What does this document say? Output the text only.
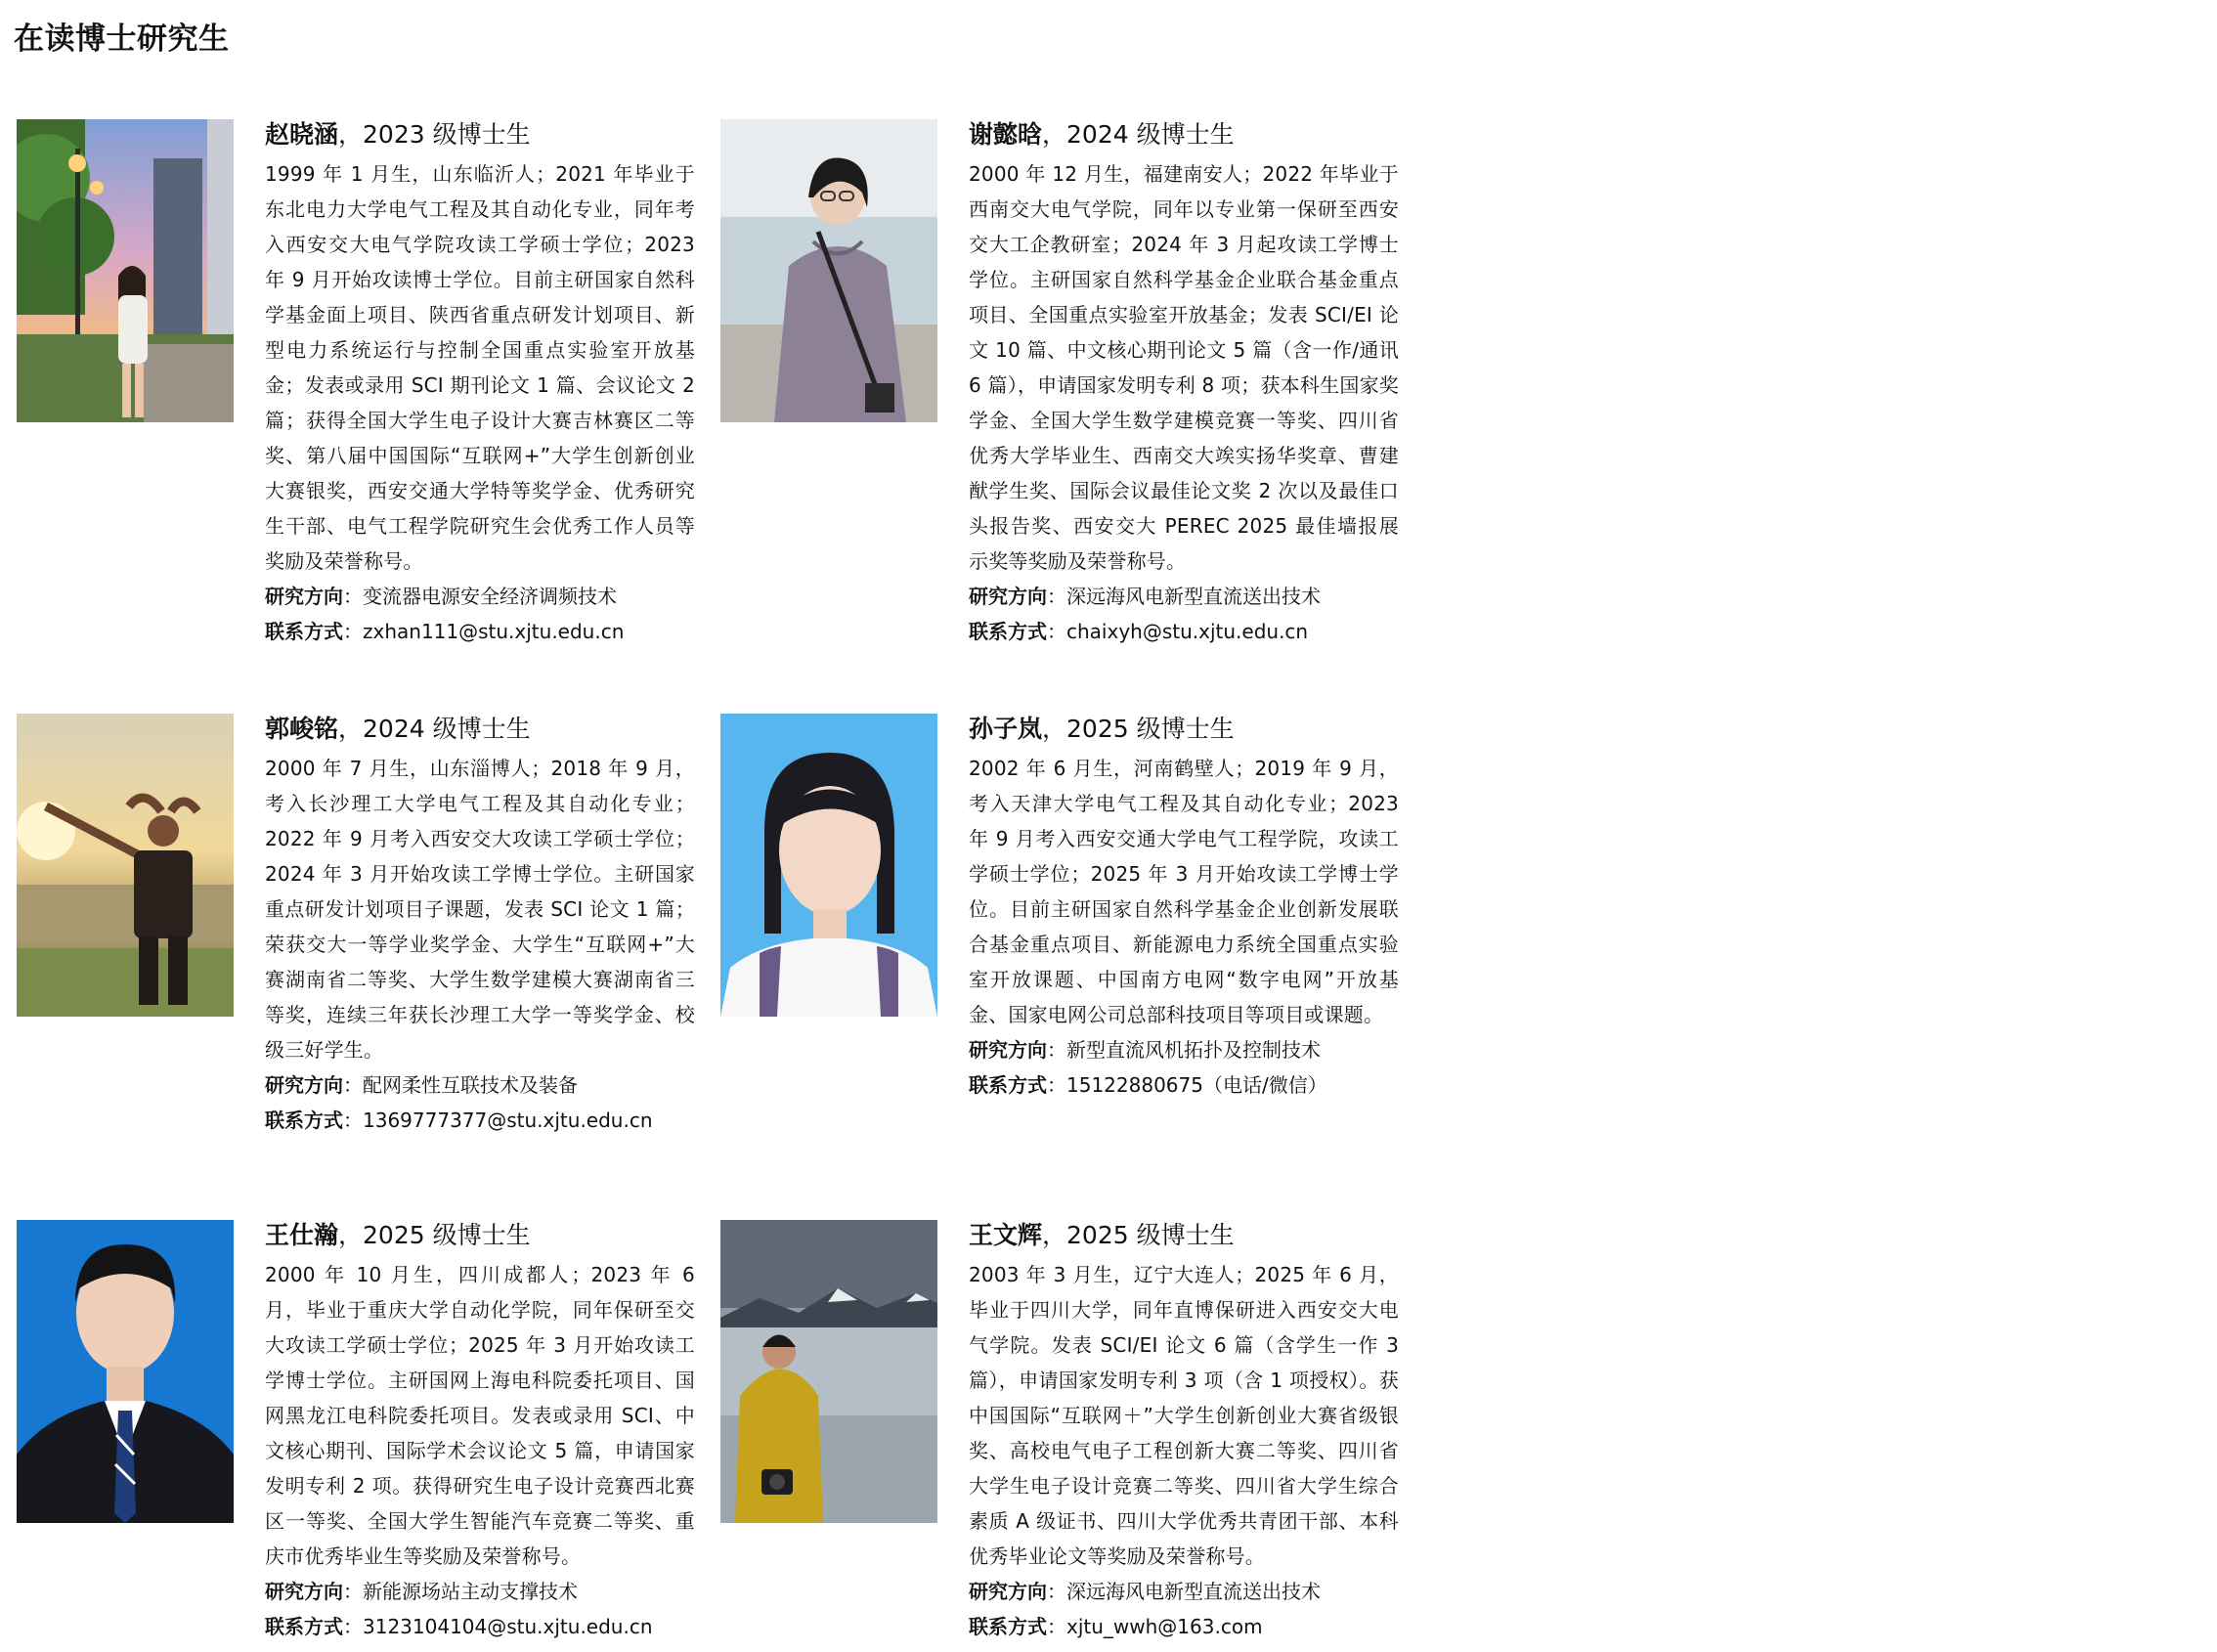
在读博士研究生
赵晓涵，2023 级博士生
1999 年 1 月生，山东临沂人；2021 年毕业于东北电力大学电气工程及其自动化专业，同年考入西安交大电气学院攻读工学硕士学位；2023 年 9 月开始攻读博士学位。目前主研国家自然科学基金面上项目、陕西省重点研发计划项目、新型电力系统运行与控制全国重点实验室开放基金；发表或录用 SCI 期刊论文 1 篇、会议论文 2 篇；获得全国大学生电子设计大赛吉林赛区二等奖、第八届中国国际“互联网+”大学生创新创业大赛银奖，西安交通大学特等奖学金、优秀研究生干部、电气工程学院研究生会优秀工作人员等奖励及荣誉称号。
研究方向：变流器电源安全经济调频技术
联系方式：zxhan111@stu.xjtu.edu.cn
谢懿晗，2024 级博士生
2000 年 12 月生，福建南安人；2022 年毕业于西南交大电气学院，同年以专业第一保研至西安交大工企教研室；2024 年 3 月起攻读工学博士学位。主研国家自然科学基金企业联合基金重点项目、全国重点实验室开放基金；发表 SCI/EI 论文 10 篇、中文核心期刊论文 5 篇（含一作/通讯 6 篇），申请国家发明专利 8 项；获本科生国家奖学金、全国大学生数学建模竞赛一等奖、四川省优秀大学毕业生、西南交大竢实扬华奖章、曹建猷学生奖、国际会议最佳论文奖 2 次以及最佳口头报告奖、西安交大 PEREC 2025 最佳墙报展示奖等奖励及荣誉称号。
研究方向：深远海风电新型直流送出技术
联系方式：chaixyh@stu.xjtu.edu.cn
郭峻铭，2024 级博士生
2000 年 7 月生，山东淄博人；2018 年 9 月，考入长沙理工大学电气工程及其自动化专业；2022 年 9 月考入西安交大攻读工学硕士学位；2024 年 3 月开始攻读工学博士学位。主研国家重点研发计划项目子课题，发表 SCI 论文 1 篇；荣获交大一等学业奖学金、大学生“互联网+”大赛湖南省二等奖、大学生数学建模大赛湖南省三等奖，连续三年获长沙理工大学一等奖学金、校级三好学生。
研究方向：配网柔性互联技术及装备
联系方式：1369777377@stu.xjtu.edu.cn
孙子岚，2025 级博士生
2002 年 6 月生，河南鹤壁人；2019 年 9 月，考入天津大学电气工程及其自动化专业；2023 年 9 月考入西安交通大学电气工程学院，攻读工学硕士学位；2025 年 3 月开始攻读工学博士学位。目前主研国家自然科学基金企业创新发展联合基金重点项目、新能源电力系统全国重点实验室开放课题、中国南方电网“数字电网”开放基金、国家电网公司总部科技项目等项目或课题。
研究方向：新型直流风机拓扑及控制技术
联系方式：15122880675（电话/微信）
王仕瀚，2025 级博士生
2000 年 10 月生，四川成都人；2023 年 6 月，毕业于重庆大学自动化学院，同年保研至交大攻读工学硕士学位；2025 年 3 月开始攻读工学博士学位。主研国网上海电科院委托项目、国网黑龙江电科院委托项目。发表或录用 SCI、中文核心期刊、国际学术会议论文 5 篇，申请国家发明专利 2 项。获得研究生电子设计竞赛西北赛区一等奖、全国大学生智能汽车竞赛二等奖、重庆市优秀毕业生等奖励及荣誉称号。
研究方向：新能源场站主动支撑技术
联系方式：3123104104@stu.xjtu.edu.cn
王文辉，2025 级博士生
2003 年 3 月生，辽宁大连人；2025 年 6 月，毕业于四川大学，同年直博保研进入西安交大电气学院。发表 SCI/EI 论文 6 篇（含学生一作 3 篇），申请国家发明专利 3 项（含 1 项授权）。获中国国际“互联网＋”大学生创新创业大赛省级银奖、高校电气电子工程创新大赛二等奖、四川省大学生电子设计竞赛二等奖、四川省大学生综合素质 A 级证书、四川大学优秀共青团干部、本科优秀毕业论文等奖励及荣誉称号。
研究方向：深远海风电新型直流送出技术
联系方式：xjtu_wwh@163.com
